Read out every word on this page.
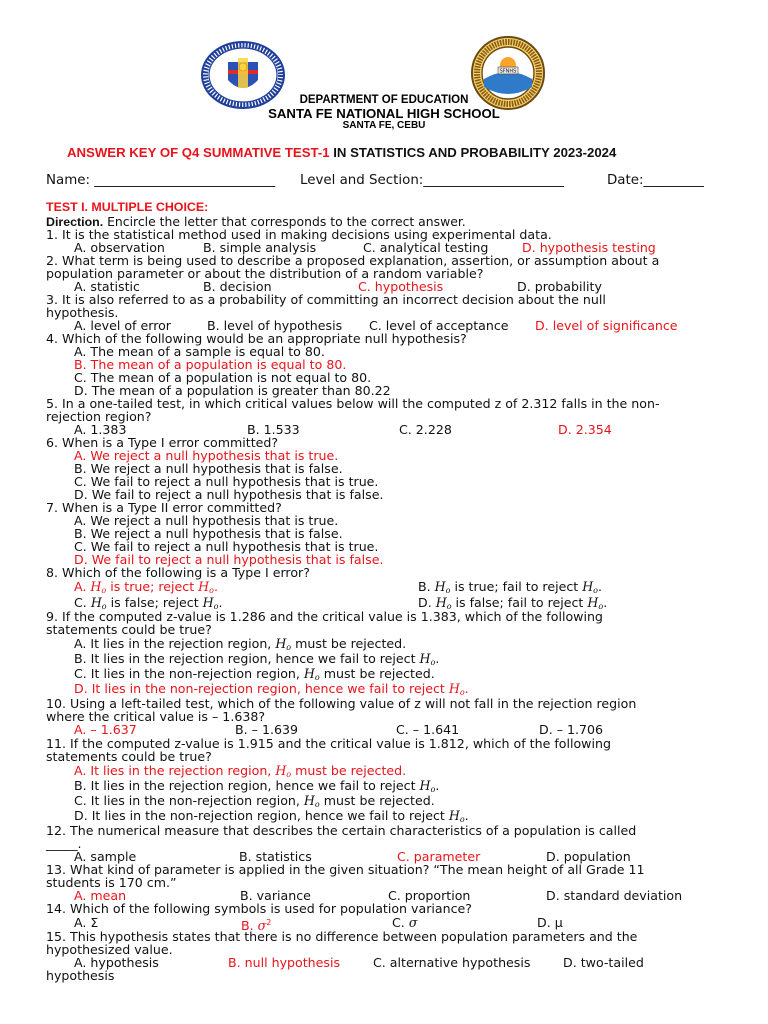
SFNHS
DEPARTMENT OF EDUCATION
SANTA FE NATIONAL HIGH SCHOOL
SANTA FE, CEBU
ANSWER KEY OF Q4 SUMMATIVE TEST-1 IN STATISTICS AND PROBABILITY 2023-2024
Name: ___________________________ Level and Section:_____________________	Date:_________
TEST I. MULTIPLE CHOICE:
Direction. Encircle the letter that corresponds to the correct answer.
1. It is the statistical method used in making decisions using experimental data.
A. observation	B. simple analysis	C. analytical testing	D. hypothesis testing
2. What term is being used to describe a proposed explanation, assertion, or assumption about a
population parameter or about the distribution of a random variable?
A. statistic	B. decision	C. hypothesis	D. probability
3. It is also referred to as a probability of committing an incorrect decision about the null
hypothesis.
A. level of error	B. level of hypothesis C. level of acceptance D. level of significance
4. Which of the following would be an appropriate null hypothesis?
A. The mean of a sample is equal to 80.
B. The mean of a population is equal to 80.
C. The mean of a population is not equal to 80.
D. The mean of a population is greater than 80.22
5. In a one-tailed test, in which critical values below will the computed z of 2.312 falls in the non-
rejection region?
A. 1.383	B. 1.533	C. 2.228	D. 2.354
6. When is a Type I error committed?
A. We reject a null hypothesis that is true.
B. We reject a null hypothesis that is false.
C. We fail to reject a null hypothesis that is true.
D. We fail to reject a null hypothesis that is false.
7. When is a Type II error committed?
A. We reject a null hypothesis that is true.
B. We reject a null hypothesis that is false.
C. We fail to reject a null hypothesis that is true.
D. We fail to reject a null hypothesis that is false.
8. Which of the following is a Type I error?
A. $H_o$ is true; reject $H_o$.	B. $H_o$ is true; fail to reject $H_o$.
C. $H_o$ is false; reject $H_o$.	D. $H_o$ is false; fail to reject $H_o$.
9. If the computed z-value is 1.286 and the critical value is 1.383, which of the following
statements could be true?
A. It lies in the rejection region, $H_o$ must be rejected.
B. It lies in the rejection region, hence we fail to reject $H_o$.
C. It lies in the non-rejection region, $H_o$ must be rejected.
D. It lies in the non-rejection region, hence we fail to reject $H_o$.
10. Using a left-tailed test, which of the following value of z will not fall in the rejection region
where the critical value is – 1.638?
A. – 1.637	B. – 1.639	C. – 1.641	D. – 1.706
11. If the computed z-value is 1.915 and the critical value is 1.812, which of the following
statements could be true?
A. It lies in the rejection region, $H_o$ must be rejected.
B. It lies in the rejection region, hence we fail to reject $H_o$.
C. It lies in the non-rejection region, $H_o$ must be rejected.
D. It lies in the non-rejection region, hence we fail to reject $H_o$.
12. The numerical measure that describes the certain characteristics of a population is called
_____.
A. sample	B. statistics	C. parameter	D. population
13. What kind of parameter is applied in the given situation? “The mean height of all Grade 11
students is 170 cm.”
A. mean	B. variance	C. proportion	D. standard deviation
14. Which of the following symbols is used for population variance?
A. Σ	B. $\sigma^2$	C. σ	D. μ
15. This hypothesis states that there is no difference between population parameters and the
hypothesized value.
A. hypothesis	B. null hypothesis	C. alternative hypothesis	D. two-tailed
hypothesis
